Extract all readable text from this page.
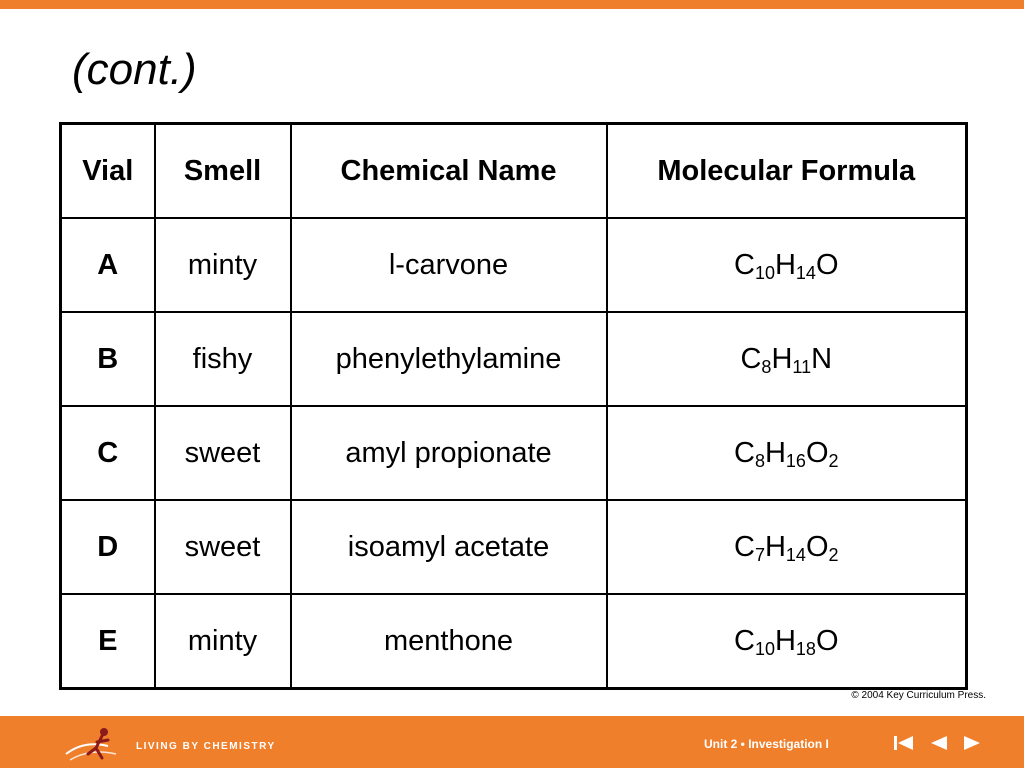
(cont.)
Vial	Smell	Chemical Name	Molecular Formula
A	minty	l-carvone	$C_{10}H_{14}O$
B	fishy	phenylethylamine	$C_8H_{11}N$
C	sweet	amyl propionate	$C_8H_{16}O_2$
D	sweet	isoamyl acetate	$C_7H_{14}O_2$
E	minty	menthone	$C_{10}H_{18}O$
© 2004 Key Curriculum Press.
LIVING BY CHEMISTRY	Unit 2 • Investigation I
